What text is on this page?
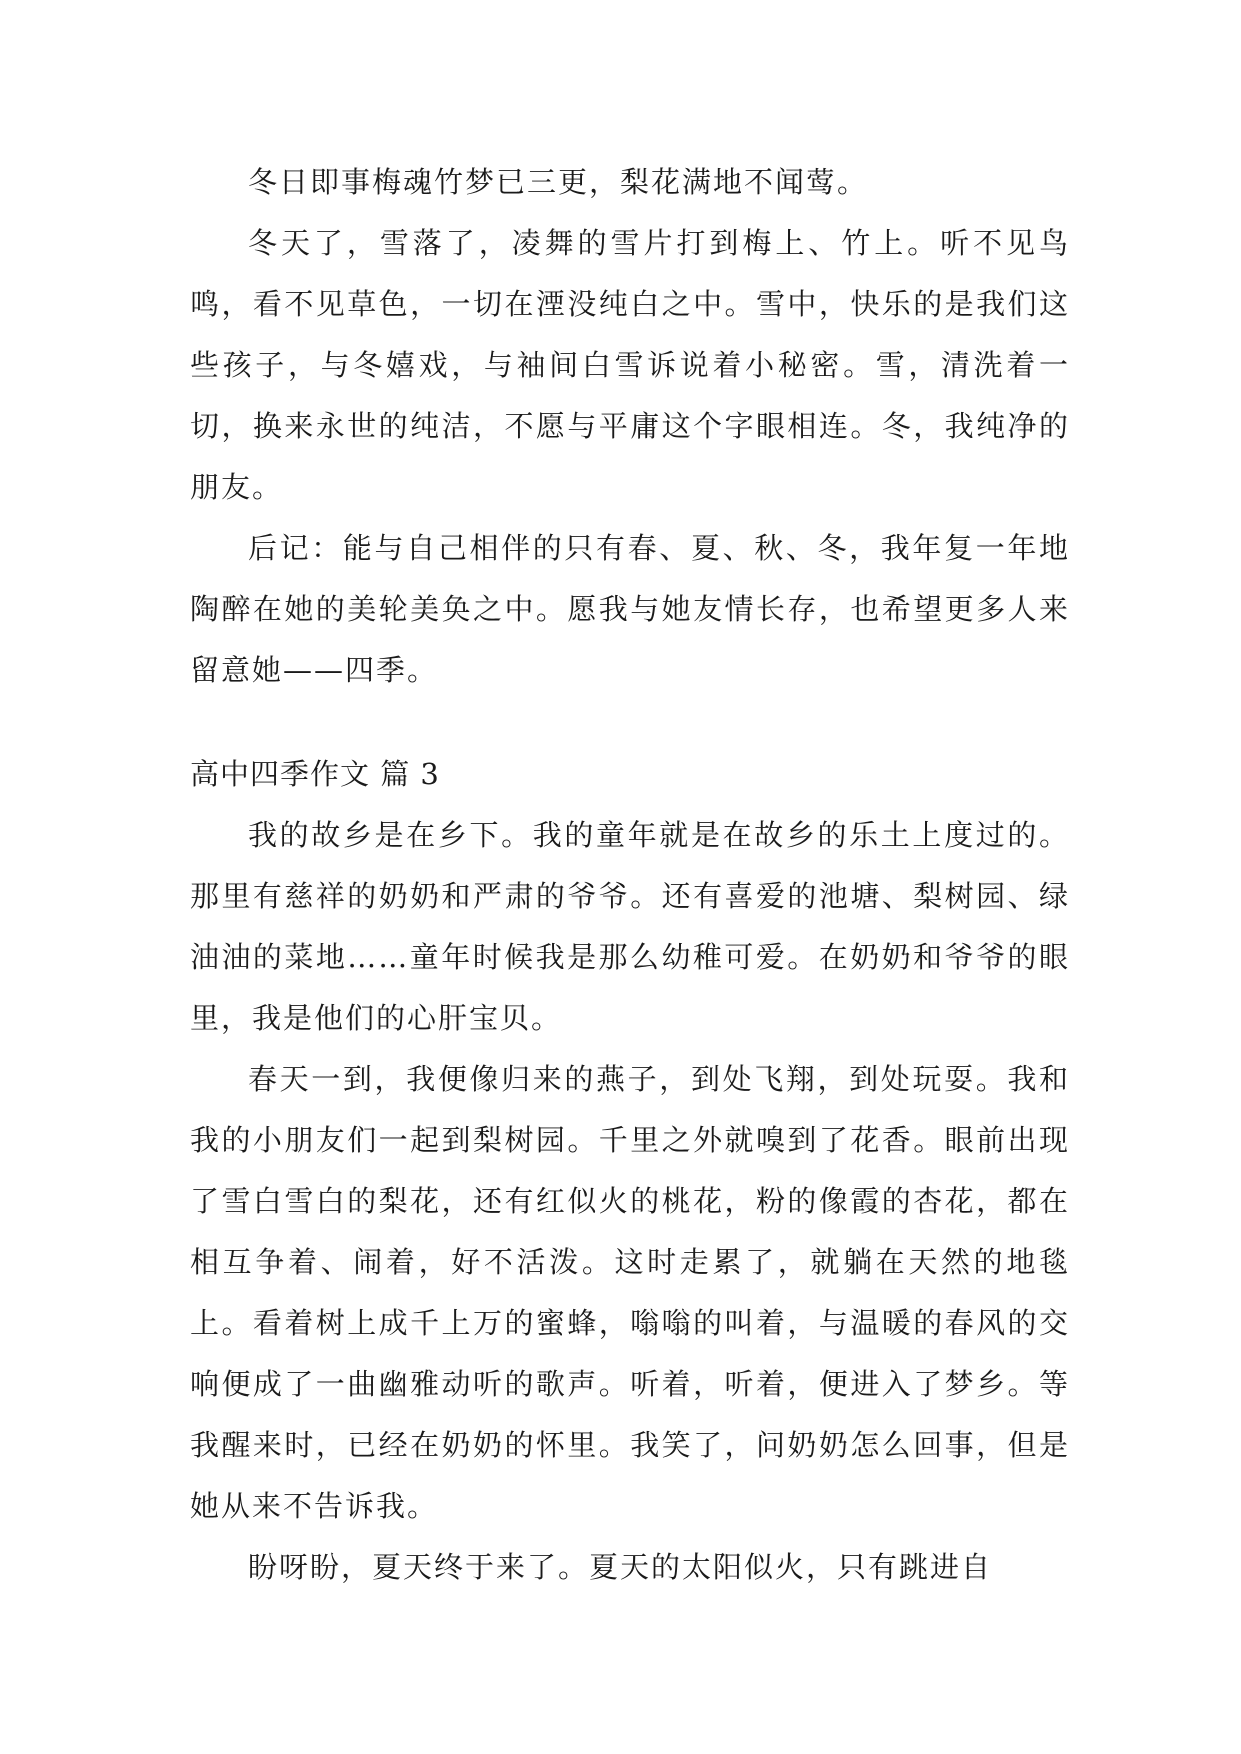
冬日即事梅魂竹梦已三更，梨花满地不闻莺。

冬天了，雪落了，凌舞的雪片打到梅上、竹上。听不见鸟鸣，看不见草色，一切在湮没纯白之中。雪中，快乐的是我们这些孩子，与冬嬉戏，与袖间白雪诉说着小秘密。雪，清洗着一切，换来永世的纯洁，不愿与平庸这个字眼相连。冬，我纯净的朋友。

后记：能与自己相伴的只有春、夏、秋、冬，我年复一年地陶醉在她的美轮美奂之中。愿我与她友情长存，也希望更多人来留意她——四季。

高中四季作文 篇 3

我的故乡是在乡下。我的童年就是在故乡的乐土上度过的。那里有慈祥的奶奶和严肃的爷爷。还有喜爱的池塘、梨树园、绿油油的菜地……童年时候我是那么幼稚可爱。在奶奶和爷爷的眼里，我是他们的心肝宝贝。

春天一到，我便像归来的燕子，到处飞翔，到处玩耍。我和我的小朋友们一起到梨树园。千里之外就嗅到了花香。眼前出现了雪白雪白的梨花，还有红似火的桃花，粉的像霞的杏花，都在相互争着、闹着，好不活泼。这时走累了，就躺在天然的地毯上。看着树上成千上万的蜜蜂，嗡嗡的叫着，与温暖的春风的交响便成了一曲幽雅动听的歌声。听着，听着，便进入了梦乡。等我醒来时，已经在奶奶的怀里。我笑了，问奶奶怎么回事，但是她从来不告诉我。

盼呀盼，夏天终于来了。夏天的太阳似火，只有跳进自
